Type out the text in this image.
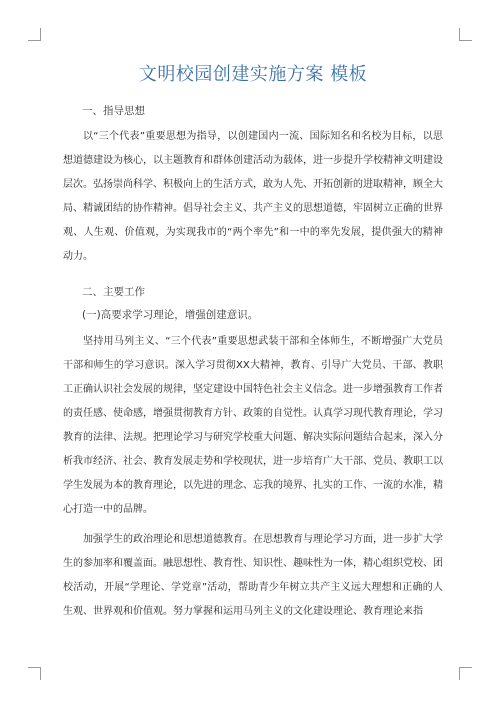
文明校园创建实施方案 模板
一、指导思想

以“三个代表”重要思想为指导，以创建国内一流、国际知名和名校为目标，以思想道德建设为核心，以主题教育和群体创建活动为载体，进一步提升学校精神文明建设层次。弘扬崇尚科学、积极向上的生活方式，敢为人先、开拓创新的进取精神，顾全大局、精诚团结的协作精神。倡导社会主义、共产主义的思想道德，牢固树立正确的世界观、人生观、价值观，为实现我市的“两个率先”和一中的率先发展，提供强大的精神动力。

二、主要工作
(一)高要求学习理论，增强创建意识。

坚持用马列主义、“三个代表”重要思想武装干部和全体师生，不断增强广大党员干部和师生的学习意识。深入学习贯彻XX大精神，教育、引导广大党员、干部、教职工正确认识社会发展的规律，坚定建设中国特色社会主义信念。进一步增强教育工作者的责任感、使命感，增强贯彻教育方针、政策的自觉性。认真学习现代教育理论，学习教育的法律、法规。把理论学习与研究学校重大问题、解决实际问题结合起来，深入分析我市经济、社会、教育发展走势和学校现状，进一步培育广大干部、党员、教职工以学生发展为本的教育理论，以先进的理念、忘我的境界、扎实的工作、一流的水准，精心打造一中的品牌。

加强学生的政治理论和思想道德教育。在思想教育与理论学习方面，进一步扩大学生的参加率和覆盖面。融思想性、教育性、知识性、趣味性为一体，精心组织党校、团校活动，开展“学理论、学党章”活动，帮助青少年树立共产主义远大理想和正确的人生观、世界观和价值观。努力掌握和运用马列主义的文化建设理论、教育理论来指
